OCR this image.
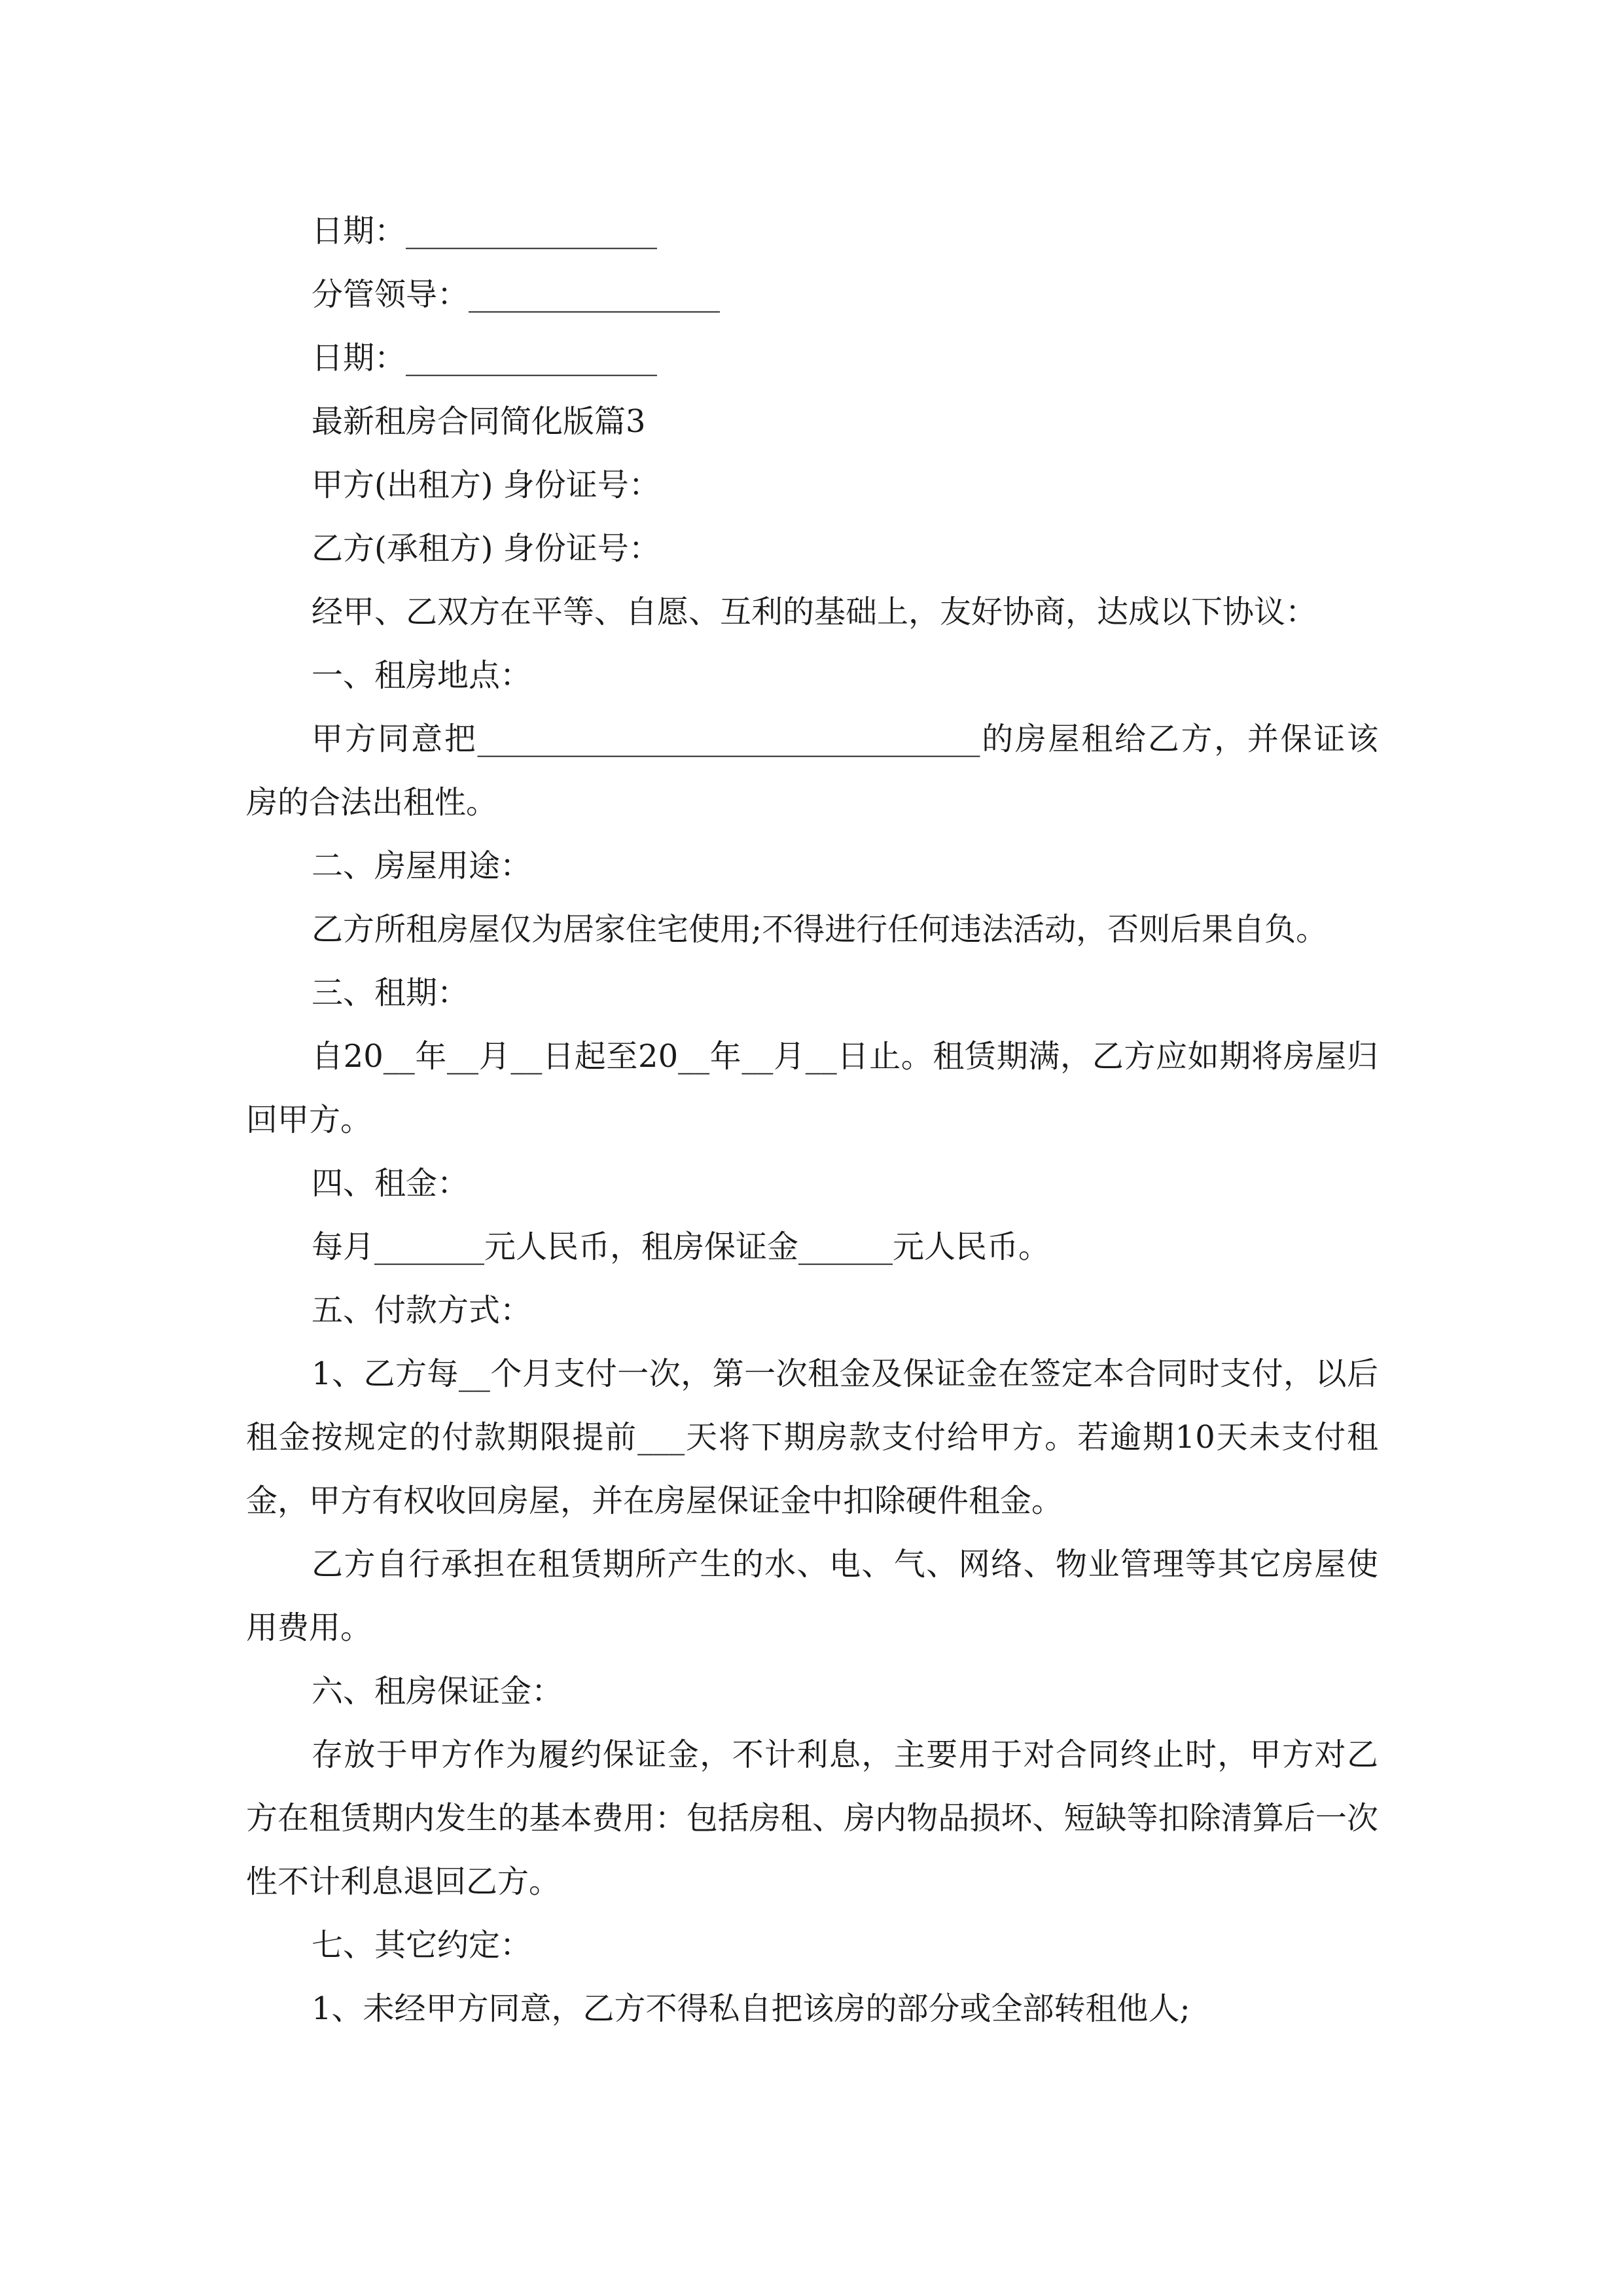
日期：________________

分管领导：________________

日期：________________

最新租房合同简化版篇3

甲方(出租方) 身份证号：

乙方(承租方) 身份证号：

经甲、乙双方在平等、自愿、互利的基础上，友好协商，达成以下协议：

一、租房地点：

甲方同意把________________________________的房屋租给乙方，并保证该房的合法出租性。

二、房屋用途：

乙方所租房屋仅为居家住宅使用;不得进行任何违法活动，否则后果自负。

三、租期：

自20__年__月__日起至20__年__月__日止。租赁期满，乙方应如期将房屋归回甲方。

四、租金：

每月_______元人民币，租房保证金______元人民币。

五、付款方式：

1、乙方每__个月支付一次，第一次租金及保证金在签定本合同时支付，以后租金按规定的付款期限提前___天将下期房款支付给甲方。若逾期10天未支付租金，甲方有权收回房屋，并在房屋保证金中扣除硬件租金。

乙方自行承担在租赁期所产生的水、电、气、网络、物业管理等其它房屋使用费用。

六、租房保证金：

存放于甲方作为履约保证金，不计利息，主要用于对合同终止时，甲方对乙方在租赁期内发生的基本费用：包括房租、房内物品损坏、短缺等扣除清算后一次性不计利息退回乙方。

七、其它约定：

1、未经甲方同意，乙方不得私自把该房的部分或全部转租他人;
